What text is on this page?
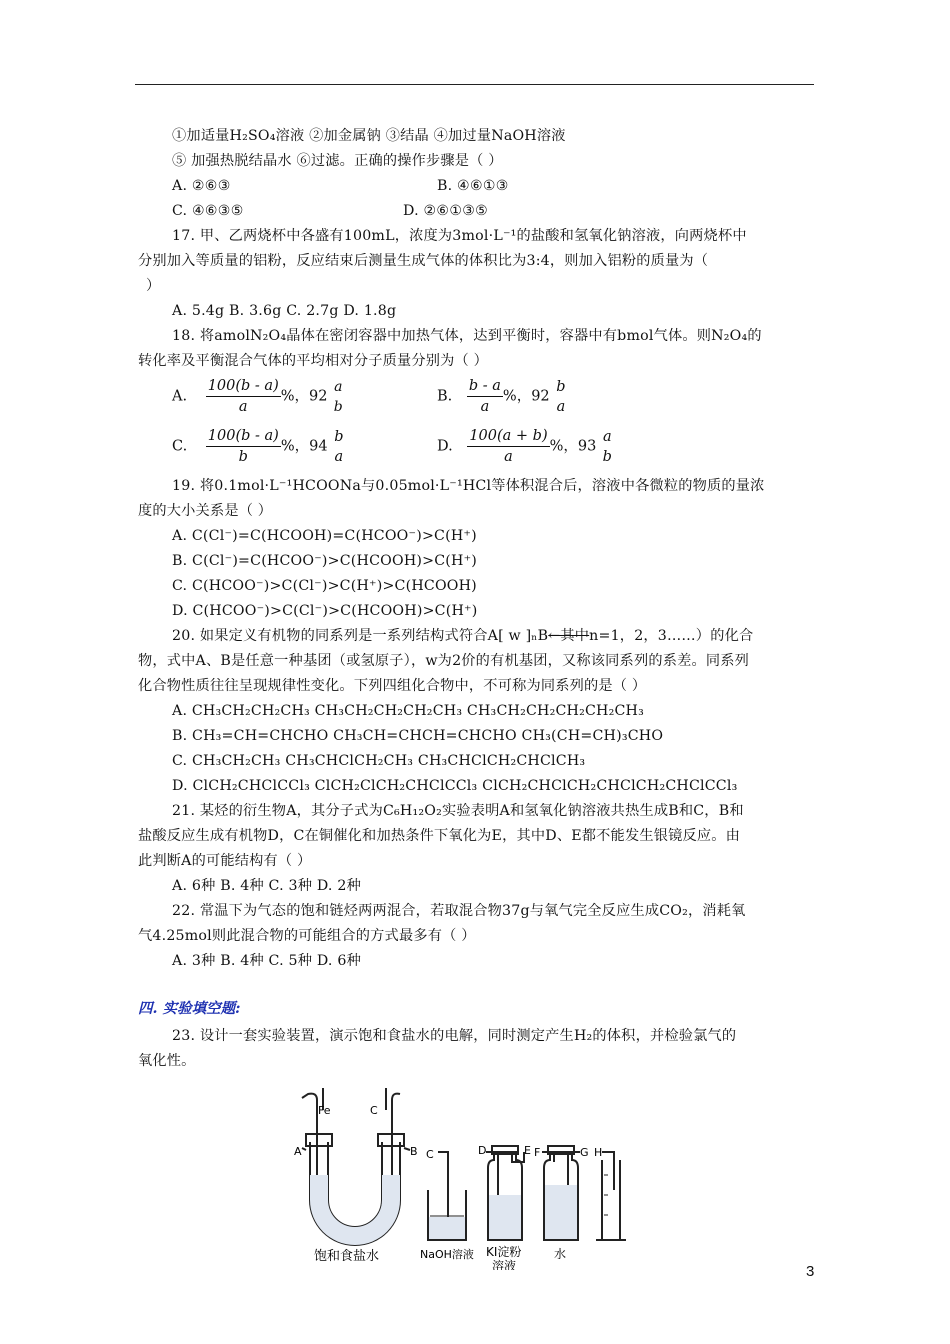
①加适量H₂SO₄溶液 ②加金属钠 ③结晶 ④加过量NaOH溶液
⑤ 加强热脱结晶水 ⑥过滤。正确的操作步骤是（ ）
A. ②⑥③	B. ④⑥①③
C. ④⑥③⑤	D. ②⑥①③⑤
17. 甲、乙两烧杯中各盛有100mL，浓度为3mol·L⁻¹的盐酸和氢氧化钠溶液，向两烧杯中
分别加入等质量的铝粉，反应结束后测量生成气体的体积比为3:4，则加入铝粉的质量为（
）
A. 5.4g B. 3.6g C. 2.7g D. 1.8g
18. 将amolN₂O₄晶体在密闭容器中加热气体，达到平衡时，容器中有bmol气体。则N₂O₄的
转化率及平衡混合气体的平均相对分子质量分别为（ ）
A. $\frac{100(b - a)}{a}$ %，92
a
b
B. $\frac{b - a}{a}$ %，92
b
a
C. $\frac{100(b - a)}{b}$ %，94
b
a
D. $\frac{100(a + b)}{a}$ %，93
a
b
19. 将0.1mol·L⁻¹HCOONa与0.05mol·L⁻¹HCl等体积混合后，溶液中各微粒的物质的量浓
度的大小关系是（ ）
A. C(Cl⁻)=C(HCOOH)=C(HCOO⁻)>C(H⁺)
B. C(Cl⁻)=C(HCOO⁻)>C(HCOOH)>C(H⁺)
C. C(HCOO⁻)>C(Cl⁻)>C(H⁺)>C(HCOOH)
D. C(HCOO⁻)>C(Cl⁻)>C(HCOOH)>C(H⁺)
20. 如果定义有机物的同系列是一系列结构式符合A[ w ]ₙB←其中n=1，2，3……）的化合
物，式中A、B是任意一种基团（或氢原子），w为2价的有机基团，又称该同系列的系差。同系列
化合物性质往往呈现规律性变化。下列四组化合物中，不可称为同系列的是（ ）
A. CH₃CH₂CH₂CH₃ CH₃CH₂CH₂CH₂CH₃ CH₃CH₂CH₂CH₂CH₂CH₃
B. CH₃=CH=CHCHO CH₃CH=CHCH=CHCHO CH₃(CH=CH)₃CHO
C. CH₃CH₂CH₃ CH₃CHClCH₂CH₃ CH₃CHClCH₂CHClCH₃
D. ClCH₂CHClCCl₃ ClCH₂ClCH₂CHClCCl₃ ClCH₂CHClCH₂CHClCH₂CHClCCl₃
21. 某烃的衍生物A，其分子式为C₆H₁₂O₂实验表明A和氢氧化钠溶液共热生成B和C，B和
盐酸反应生成有机物D，C在铜催化和加热条件下氧化为E，其中D、E都不能发生银镜反应。由
此判断A的可能结构有（ ）
A. 6种 B. 4种 C. 3种 D. 2种
22. 常温下为气态的饱和链烃两两混合，若取混合物37g与氧气完全反应生成CO₂，消耗氧
气4.25mol则此混合物的可能组合的方式最多有（ ）
A. 3种 B. 4种 C. 5种 D. 6种
四. 实验填空题:
23. 设计一套实验装置，演示饱和食盐水的电解，同时测定产生H₂的体积，并检验氯气的
氧化性。
Fe	C
A	B C	D	E F	G H
饱和食盐水	NaOH溶液 KI淀粉
溶液
水
3
